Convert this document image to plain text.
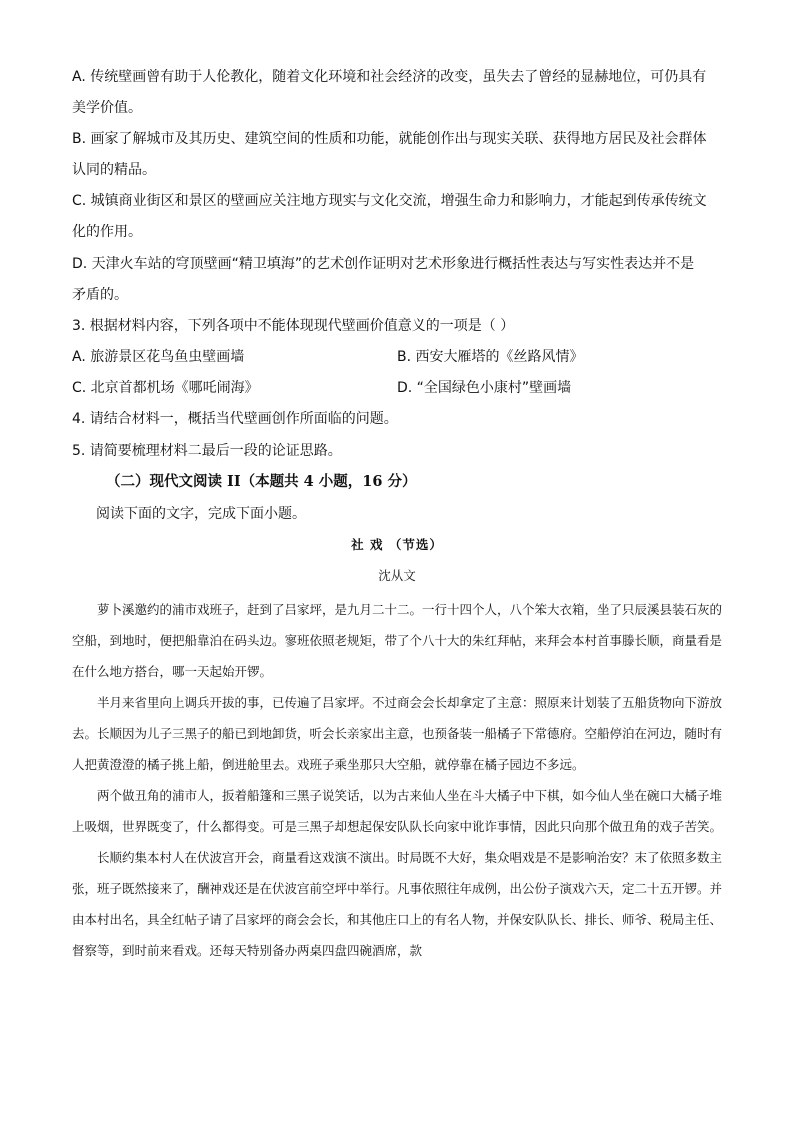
A. 传统壁画曾有助于人伦教化，随着文化环境和社会经济的改变，虽失去了曾经的显赫地位，可仍具有
美学价值。
B. 画家了解城市及其历史、建筑空间的性质和功能，就能创作出与现实关联、获得地方居民及社会群体
认同的精品。
C. 城镇商业街区和景区的壁画应关注地方现实与文化交流，增强生命力和影响力，才能起到传承传统文
化的作用。
D. 天津火车站的穹顶壁画“精卫填海”的艺术创作证明对艺术形象进行概括性表达与写实性表达并不是
矛盾的。
3. 根据材料内容，下列各项中不能体现现代壁画价值意义的一项是（ ）
A. 旅游景区花鸟鱼虫壁画墙	B. 西安大雁塔的《丝路风情》
C. 北京首都机场《哪吒闹海》	D. “全国绿色小康村”壁画墙
4. 请结合材料一，概括当代壁画创作所面临的问题。
5. 请简要梳理材料二最后一段的论证思路。
（二）现代文阅读 II（本题共 4 小题，16 分）
阅读下面的文字，完成下面小题。
社 戏 （节选）
沈从文

萝卜溪邀约的浦市戏班子，赶到了吕家坪，是九月二十二。一行十四个人，八个笨大衣箱，坐了只辰溪县装石灰的空船，到地时，便把船靠泊在码头边。寥班依照老规矩，带了个八十大的朱红拜帖，来拜会本村首事滕长顺，商量看是在什么地方搭台，哪一天起始开锣。

半月来省里向上调兵开拔的事，已传遍了吕家坪。不过商会会长却拿定了主意：照原来计划装了五船货物向下游放去。长顺因为儿子三黑子的船已到地卸货，听会长亲家出主意，也预备装一船橘子下常德府。空船停泊在河边，随时有人把黄澄澄的橘子挑上船，倒进舱里去。戏班子乘坐那只大空船，就停靠在橘子园边不多远。

两个做丑角的浦市人，扳着船篷和三黑子说笑话，以为古来仙人坐在斗大橘子中下棋，如今仙人坐在碗口大橘子堆上吸烟，世界既变了，什么都得变。可是三黑子却想起保安队队长向家中讹诈事情，因此只向那个做丑角的戏子苦笑。

长顺约集本村人在伏波宫开会，商量看这戏演不演出。时局既不大好，集众唱戏是不是影响治安？末了依照多数主张，班子既然接来了，酬神戏还是在伏波宫前空坪中举行。凡事依照往年成例，出公份子演戏六天，定二十五开锣。并由本村出名，具全红帖子请了吕家坪的商会会长，和其他庄口上的有名人物，并保安队队长、排长、师爷、税局主任、督察等，到时前来看戏。还每天特别备办两桌四盘四碗酒席，款
